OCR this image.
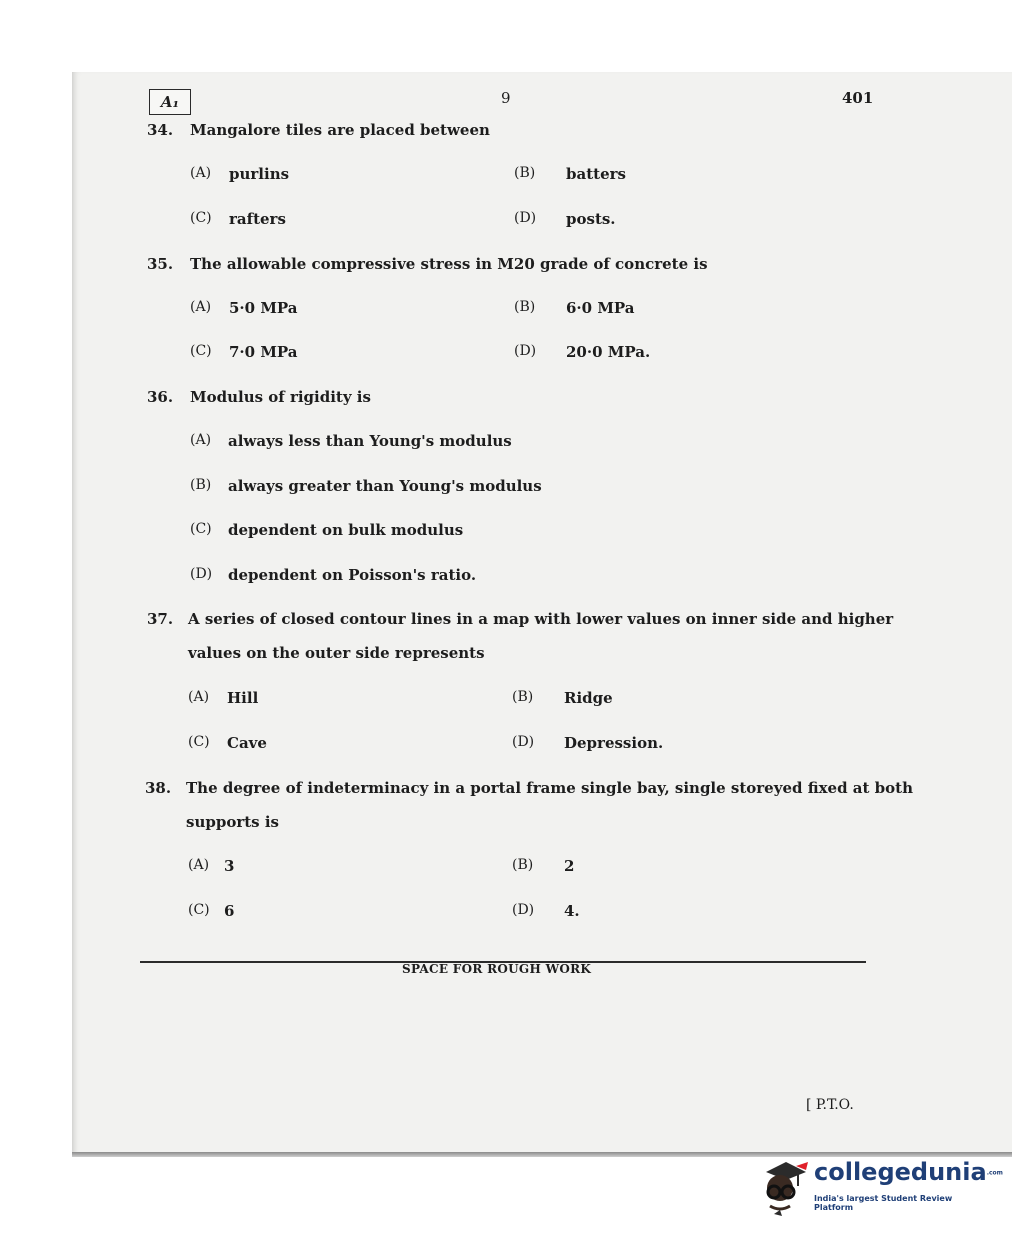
A₁	9	401
34. Mangalore tiles are placed between
(A) purlins	(B) batters
(C) rafters	(D) posts.
35. The allowable compressive stress in M20 grade of concrete is
(A) 5·0 MPa	(B) 6·0 MPa
(C) 7·0 MPa	(D) 20·0 MPa.
36. Modulus of rigidity is
(A) always less than Young's modulus
(B) always greater than Young's modulus
(C) dependent on bulk modulus
(D) dependent on Poisson's ratio.
37. A series of closed contour lines in a map with lower values on inner side and higher
values on the outer side represents
(A) Hill	(B) Ridge
(C) Cave	(D) Depression.
38. The degree of indeterminacy in a portal frame single bay, single storeyed fixed at both
supports is
(A) 3	(B) 2
(C) 6	(D) 4.
SPACE FOR ROUGH WORK
[ P.T.O.
collegedunia.com
India's largest Student Review Platform
